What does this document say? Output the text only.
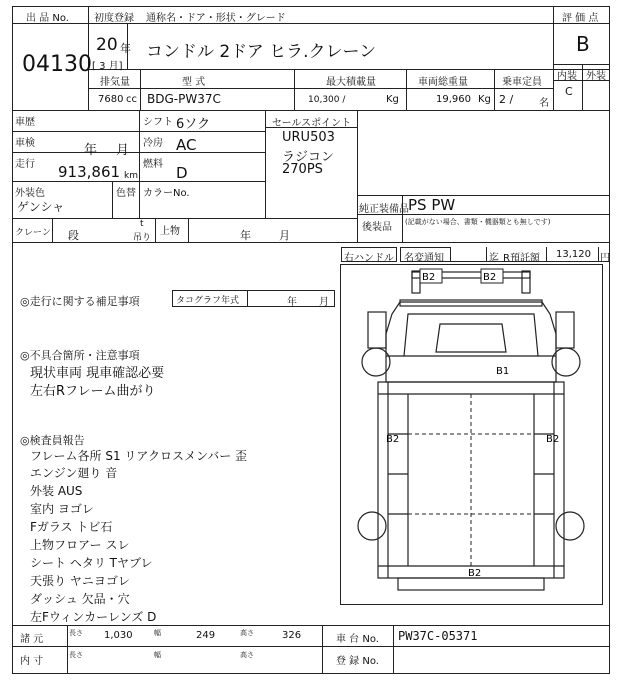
出 品 No.
04130
初度登録 通称名・ドア・形状・グレード
20 年
[ 3 月]
コンドル 2ドア ヒラ.クレーン
評 価 点
B
内装 外装
C
排気量
7680 cc
型 式
BDG-PW37C
最大積載量
10,300 /	Kg
車両総重量
19,960 Kg
乗車定員
2 /	名
車歴	シフト 6ソク
車検	年 月 冷房 AC
走行 913,861 km
燃料 D
外装色
ゲンシャ
色替 カラーNo.
セールスポイント
URU503
ラジコン
270PS
純正装備品 PS PW
後装品 (記載がない場合、書類・機器類とも無しです)
クレーン 段
t
吊り
上物	年	月
右ハンドル 名変通知	迄 R預託額 13,120 円
◎走行に関する補足事項	タコグラフ年式	年 月
◎不具合箇所・注意事項
現状車両 現車確認必要
左右Rフレーム曲がり
◎検査員報告
フレーム各所 S1 リアクロスメンバー 歪
エンジン廻り 音
外装 AUS
室内 ヨゴレ
Fガラス トビ石
上物フロアー スレ
シート ヘタリ Tヤブレ
天張り ヤニヨゴレ
ダッシュ 欠品・穴
左Fウィンカーレンズ D
B2	B2
B1
B2	B2
B2
諸 元
長さ 1,030	幅	249	高さ	326	車 台 No. PW37C-05371
内 寸
長さ	幅	高さ
登 録 No.
